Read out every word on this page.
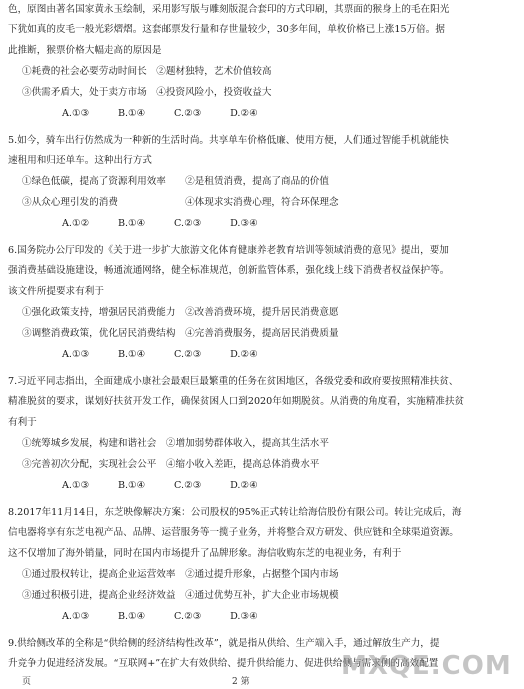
色，原图由著名国家黄永玉绘制，采用影写版与雕刻版混合套印的方式印刷，其票面的猴身上的毛在阳光
下犹如真的皮毛一般光彩熠熠。这套邮票发行量和存世量较少，30多年间，单枚价格已上涨15万倍。据
此推断，猴票价格大幅走高的原因是
①耗费的社会必要劳动时间长　②题材独特，艺术价值较高
③供需矛盾大，处于卖方市场　④投资风险小，投资收益大
A.①③　　　B.①④　　　C.②③　　　D.②④
5.如今，骑车出行仿然成为一种新的生活时尚。共享单车价格低廉、使用方便，人们通过智能手机就能快
速租用和归还单车。这种出行方式
①绿色低碳，提高了资源利用效率　　②是租赁消费，提高了商品的价值
③从众心理引发的消费　　　　　　　④体现求实消费心理，符合环保理念
A.①②　　　B.①④　　　C.②③　　　D.③④
6.国务院办公厅印发的《关于进一步扩大旅游文化体育健康养老教育培训等领域消费的意见》提出，要加
强消费基础设施建设，畅通流通网络，健全标准规范，创新监管体系，强化线上线下消费者权益保护等。
该文件所提要求有利于
①强化政策支持，增强居民消费能力　②改善消费环境，提升居民消费意愿
③调整消费政策，优化居民消费结构　④完善消费服务，提高居民消费质量
A.①③　　　B.①④　　　C.②③　　　D.②④
7.习近平同志指出，全面建成小康社会最艰巨最繁重的任务在贫困地区，各级党委和政府要按照精准扶贫、
精准脱贫的要求，谋划好扶贫开发工作，确保贫困人口到2020年如期脱贫。从消费的角度看，实施精准扶贫
有利于
①统筹城乡发展，构建和谐社会　②增加弱势群体收入，提高其生活水平
③完善初次分配，实现社会公平　④缩小收入差距，提高总体消费水平
A.①③　　　B.①④　　　C.②③　　　D.②④
8.2017年11月14日，东芝映像解决方案：公司股权的95%正式转让给海信股份有限公司。转让完成后，海
信电器将享有东芝电视产品、品牌、运营服务等一揽子业务，并将整合双方研发、供应链和全球渠道资源。
这不仅增加了海外销量，同时在国内市场提升了品牌形象。海信收购东芝的电视业务，有利于
①通过股权转让，提高企业运营效率　②通过提升形象，占据整个国内市场
③通过积极引进，提高企业经济效益　④通过优势互补，扩大企业市场规模
A.①③　　　B.①④　　　C.②③　　　D.③④
9.供给侧改革的全称是“供给侧的经济结构性改革”，就是指从供给、生产端入手，通过解放生产力，提
升竞争力促进经济发展。“互联网+”在扩大有效供给、提升供给能力、促进供给侧与需求侧的高效配置
MXQE.COM
页	2 第
